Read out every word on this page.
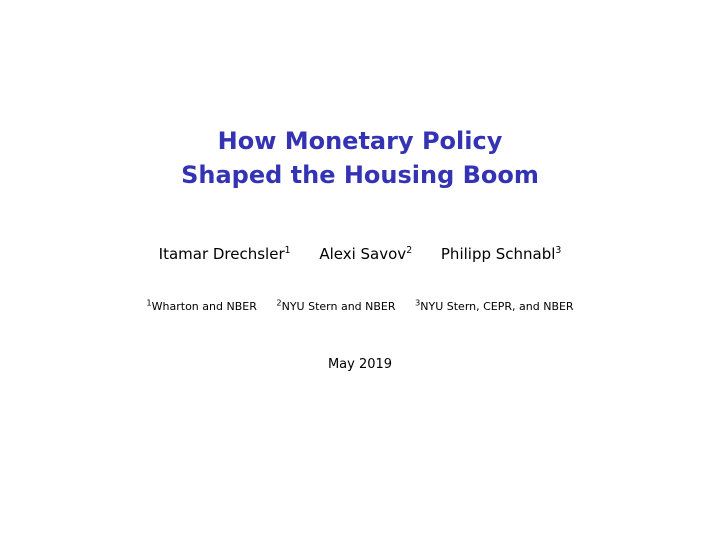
How Monetary Policy
Shaped the Housing Boom
Itamar Drechsler$^1$ Alexi Savov$^2$ Philipp Schnabl$^3$
$^1$Wharton and NBER $^2$NYU Stern and NBER $^3$NYU Stern, CEPR, and NBER
May 2019
